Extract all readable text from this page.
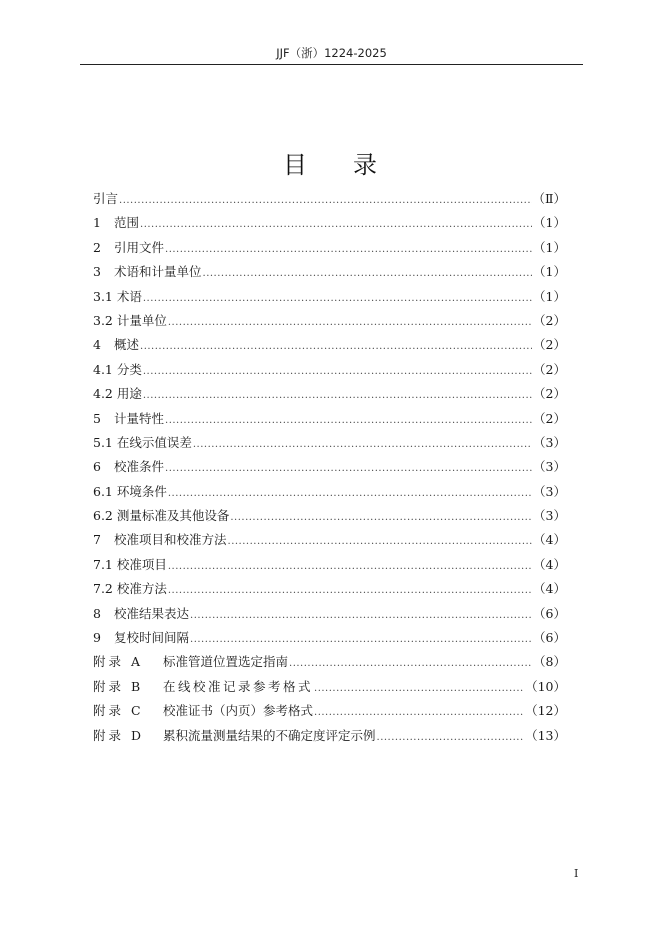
JJF（浙）1224-2025
目 录
引言 .....	（Ⅱ）
1 范围 .....	（1）
2 引用文件 .....	（1）
3 术语和计量单位 .....	（1）
3.1 术语 .....	（1）
3.2 计量单位 .....	（2）
4 概述 .....	（2）
4.1 分类 .....	（2）
4.2 用途 .....	（2）
5 计量特性 .....	（2）
5.1 在线示值误差 .....	（3）
6 校准条件 .....	（3）
6.1 环境条件 .....	（3）
6.2 测量标准及其他设备 .....	（3）
7 校准项目和校准方法 .....	（4）
7.1 校准项目 .....	（4）
7.2 校准方法 .....	（4）
8 校准结果表达 .....	（6）
9 复校时间间隔 .....	（6）
附录 A 标准管道位置选定指南 .....	（8）
附录 B 在线校准记录参考格式 .....	（10）
附录 C 校准证书（内页）参考格式 .....	（12）
附录 D 累积流量测量结果的不确定度评定示例 .....	（13）
I
